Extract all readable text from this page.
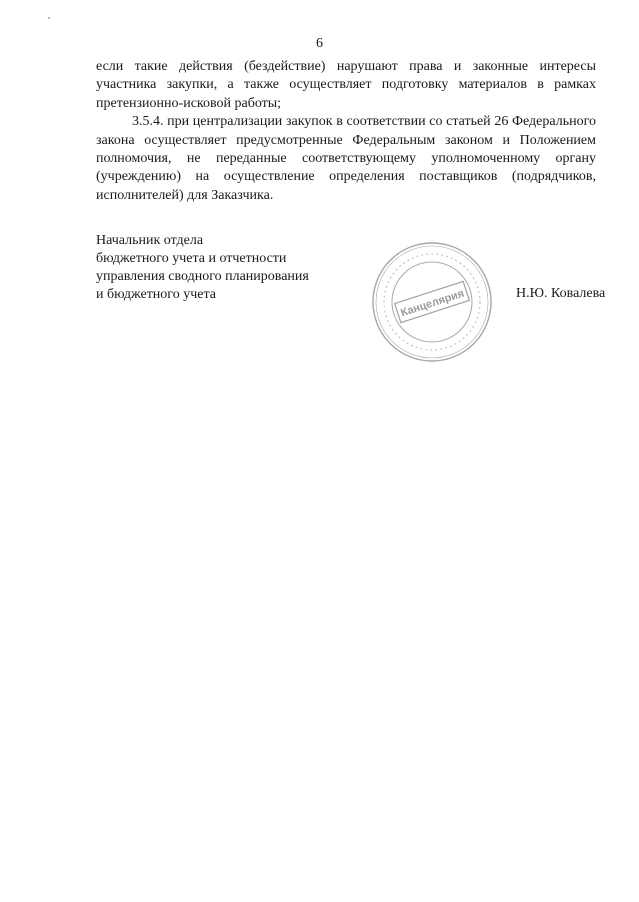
6

если такие действия (бездействие) нарушают права и законные интересы участника закупки, а также осуществляет подготовку материалов в рамках претензионно-исковой работы;

3.5.4. при централизации закупок в соответствии со статьей 26 Федерального закона осуществляет предусмотренные Федеральным законом и Положением полномочия, не переданные соответствующему уполномоченному органу (учреждению) на осуществление определения поставщиков (подрядчиков, исполнителей) для Заказчика.

Начальник отдела
бюджетного учета и отчетности
управления сводного планирования
и бюджетного учета	Канцелярия	Н.Ю. Ковалева
